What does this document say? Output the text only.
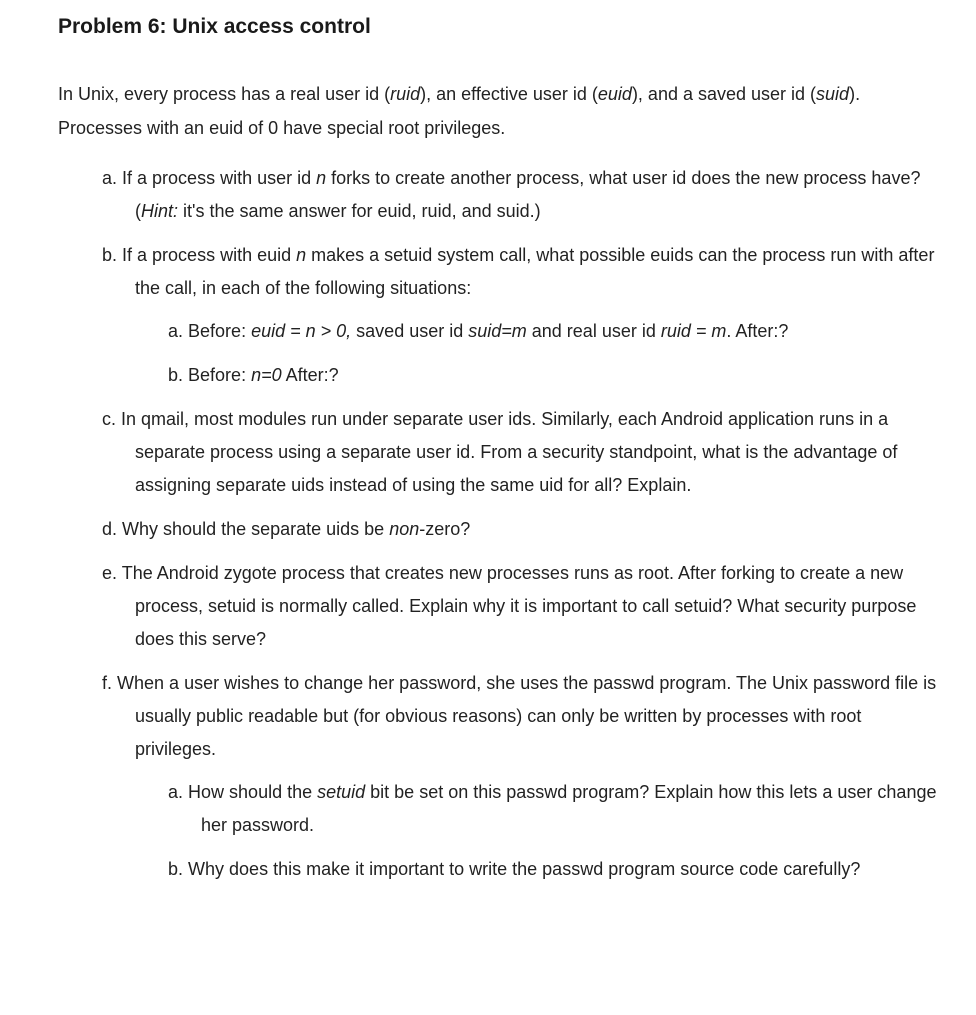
Problem 6: Unix access control

In Unix, every process has a real user id (ruid), an effective user id (euid), and a saved user id (suid). Processes with an euid of 0 have special root privileges.

a. If a process with user id n forks to create another process, what user id does the new process have? (Hint: it's the same answer for euid, ruid, and suid.)
b. If a process with euid n makes a setuid system call, what possible euids can the process run with after the call, in each of the following situations:
a. Before: euid = n > 0, saved user id suid=m and real user id ruid = m. After:?
b. Before: n=0 After:?
c. In qmail, most modules run under separate user ids. Similarly, each Android application runs in a separate process using a separate user id. From a security standpoint, what is the advantage of assigning separate uids instead of using the same uid for all? Explain.
d. Why should the separate uids be non-zero?
e. The Android zygote process that creates new processes runs as root. After forking to create a new process, setuid is normally called. Explain why it is important to call setuid? What security purpose does this serve?
f. When a user wishes to change her password, she uses the passwd program. The Unix password file is usually public readable but (for obvious reasons) can only be written by processes with root privileges.
a. How should the setuid bit be set on this passwd program? Explain how this lets a user change her password.
b. Why does this make it important to write the passwd program source code carefully?
